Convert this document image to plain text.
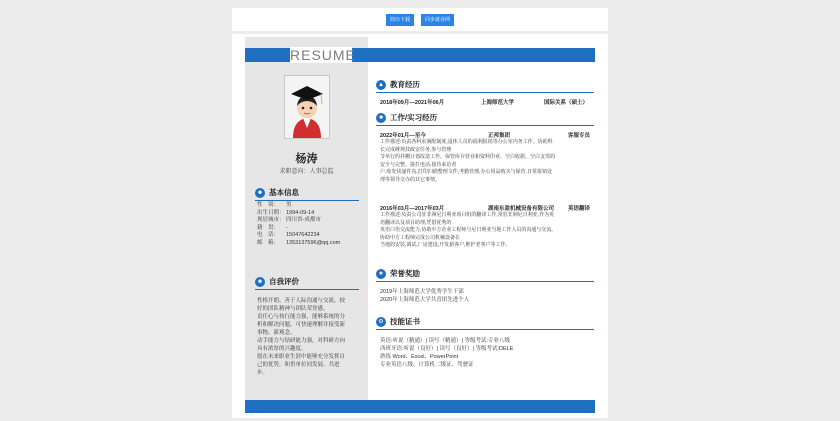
简历下载	同步就业网
RESUME
杨涛
求职意向：人事总监
☻ 基本信息
性　别：	男
出生日期： 1994-09-14
现居城市： 四川省-成都市
籍　贯：	-
电　话：	15047642234
邮　箱：	1353137596@qq.com
☻ 自我评价
性格开朗、善于人际沟通与交流，较
好的团队精神与团队荣誉感。
责任心与执行能力强，能够系统的分
析和解决问题，可快速理解并接受新
事物、新观念。
动手能力与钻研能力强，对科研方向
具有浓厚的兴趣度。
愿在未来职业生涯中能够充分发挥自
己的优势，和贵单位同发展、共进
步。
▲ 教育经历
2018年09月—2021年06月	上海师范大学	国际关系（硕士）
■ 工作/实习经历
2022年01月—至今	正邦集团	客服专员
工作描述:负责各科室满配制度,退休人员的福利报销等办公室内务工作。协助科
长完成睡规技政安任务,参与管理
节举行的祥棚计划改造工作，保管库存营业和资料印章，空白收据、空白支票的
安全与完整。接打电话,接待来访者
户,收发快递件真,打印扫描整理文件,考勤管理,办公用品购买与保管,日常报销处
理等领导交办的其它事情。
2016年03月—2017年03月	湖南东盈机械设备有限公司	英语翻译
工作描述:负责公司驻非洲尼日利亚项目组的翻译工作,常驻非洲尼日利亚,作为英
语翻译以及项目助理,凭借优秀的
英语口语交流能力,协助中方企业工程师与尼日利亚当地工作人员的沟通与交流,
协助中方工程师完成公司机械设备在
当地的安装,调试,厂房建设,开发新客户,维护老客户等工作。
★ 荣誉奖励
2019年上海师范大学优秀学生干部
2020年上海师范大学共青团先进个人
⚙ 技能证书
英语:听说（精通）| 读写（精通）| 等级考试:专业八级
西班牙语:听说（良好）| 读写（良好）| 等级考试:DELE
熟练 Word、Excel、PowerPoint
专业英语八级、计算机二级证、驾驶证
